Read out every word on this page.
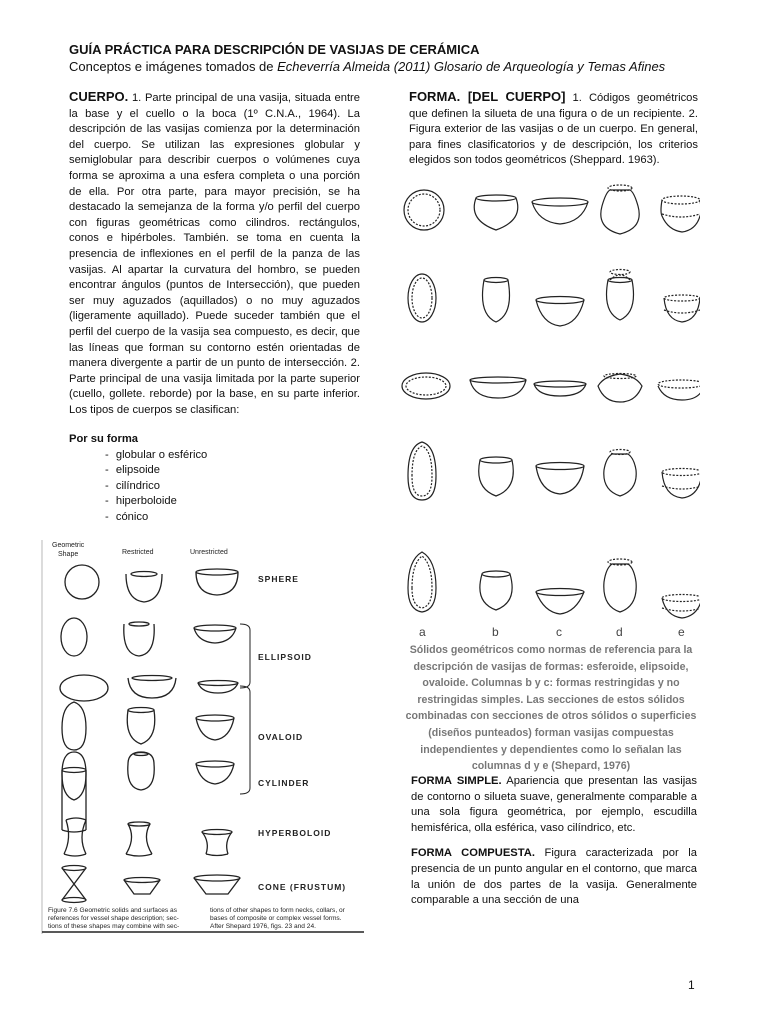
GUÍA PRÁCTICA PARA DESCRIPCIÓN DE VASIJAS DE CERÁMICA
Conceptos e imágenes tomados de Echeverría Almeida (2011) Glosario de Arqueología y Temas Afines
CUERPO. 1. Parte principal de una vasija, situada entre la base y el cuello o la boca (1º C.N.A., 1964). La descripción de las vasijas comienza por la determinación del cuerpo. Se utilizan las expresiones globular y semiglobular para describir cuerpos o volúmenes cuya forma se aproxima a una esfera completa o una porción de ella. Por otra parte, para mayor precisión, se ha destacado la semejanza de la forma y/o perfil del cuerpo con figuras geométricas como cilindros. rectángulos, conos e hipérboles. También. se toma en cuenta la presencia de inflexiones en el perfil de la panza de las vasijas. Al apartar la curvatura del hombro, se pueden encontrar ángulos (puntos de Intersección), que pueden ser muy aguzados (aquillados) o no muy aguzados (ligeramente aquillado). Puede suceder también que el perfil del cuerpo de la vasija sea compuesto, es decir, que las líneas que forman su contorno estén orientadas de manera divergente a partir de un punto de intersección. 2. Parte principal de una vasija limitada por la parte superior (cuello, gollete. reborde) por la base, en su parte inferior. Los tipos de cuerpos se clasifican:
Por su forma
- globular o esférico
- elipsoide
- cilíndrico
- hiperboloide
- cónico
Geometric
Shape	Restricted	Unrestricted
SPHERE
ELLIPSOID
OVALOID
CYLINDER
HYPERBOLOID
CONE (FRUSTUM)
Figure 7.6 Geometric solids and surfaces as
references for vessel shape description; sec-
tions of these shapes may combine with sec-
tions of other shapes to form necks, collars, or
bases of composite or complex vessel forms.
After Shepard 1976, figs. 23 and 24.
FORMA. [DEL CUERPO] 1. Códigos geométricos que definen la silueta de una figura o de un recipiente. 2. Figura exterior de las vasijas o de un cuerpo. En general, para fines clasificatorios y de descripción, los criterios elegidos son todos geométricos (Sheppard. 1963).
a	b	c	d	e
Sólidos geométricos como normas de referencia para la descripción de vasijas de formas: esferoide, elipsoide, ovaloide. Columnas b y c: formas restringidas y no restringidas simples. Las secciones de estos sólidos combinadas con secciones de otros sólidos o superficies (diseños punteados) forman vasijas compuestas independientes y dependientes como lo señalan las columnas d y e (Shepard, 1976)

FORMA SIMPLE. Apariencia que presentan las vasijas de contorno o silueta suave, generalmente comparable a una sola figura geométrica, por ejemplo, escudilla hemisférica, olla esférica, vaso cilíndrico, etc.

FORMA COMPUESTA. Figura caracterizada por la presencia de un punto angular en el contorno, que marca la unión de dos partes de la vasija. Generalmente comparable a una sección de una

1
